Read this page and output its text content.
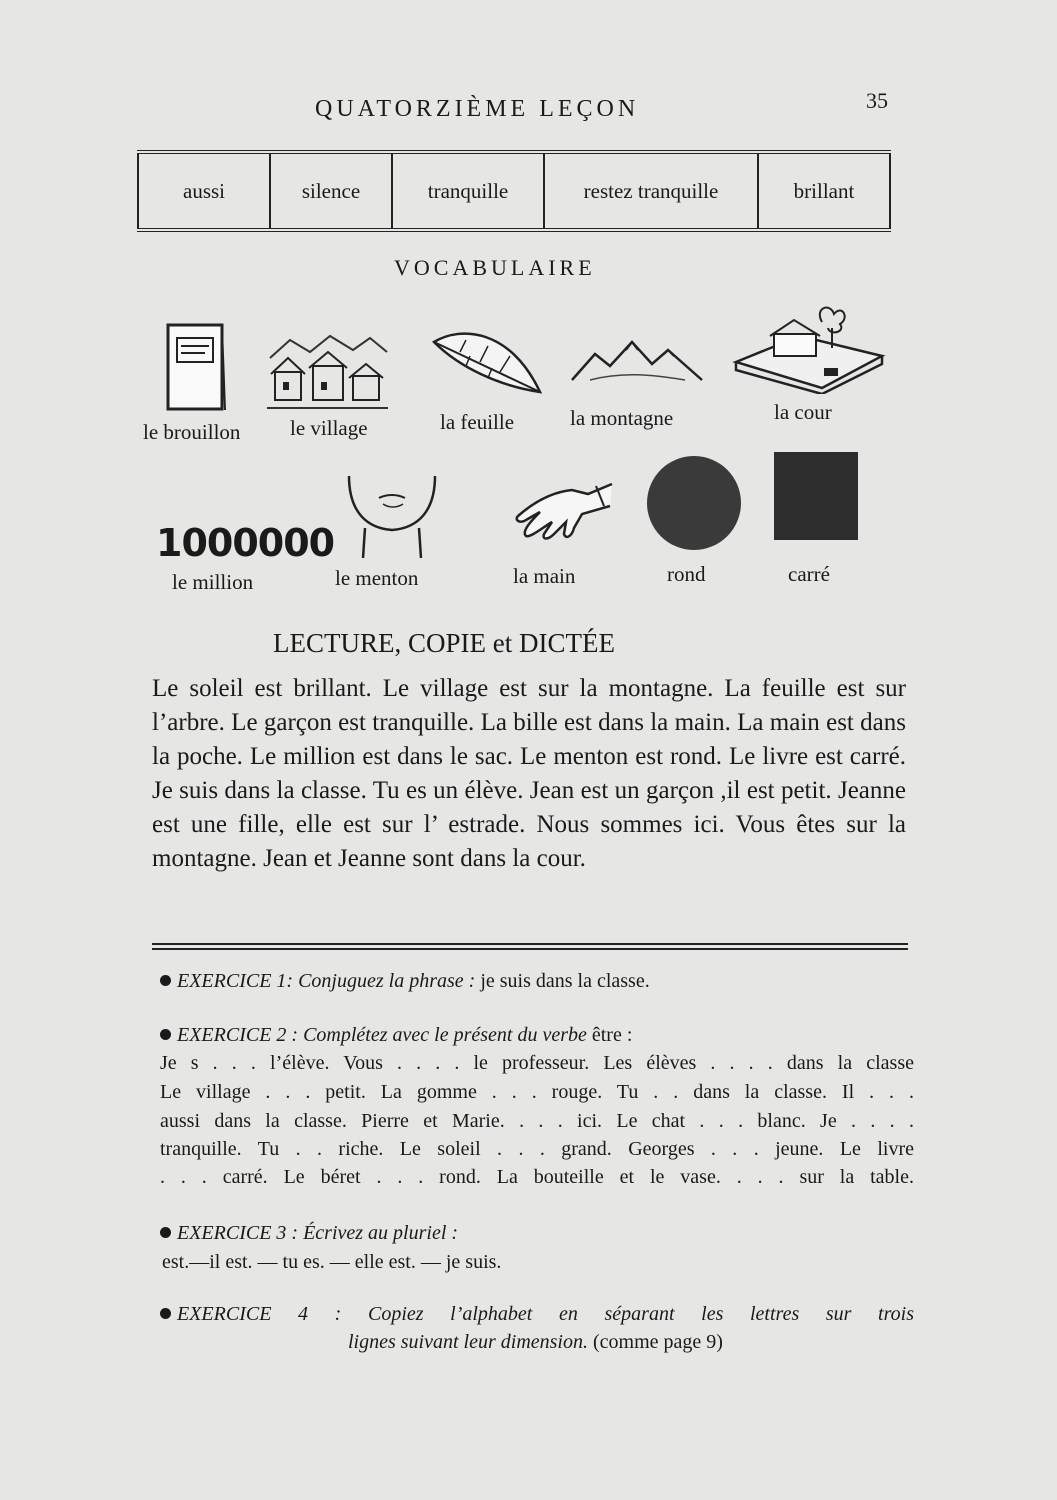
QUATORZIÈME LEÇON	35
aussi	silence	tranquille	restez tranquille	brillant
VOCABULAIRE
le brouillon le village	la feuille	la montagne	la cour
1000000
le million	le menton	la main	rond	carré
LECTURE, COPIE et DICTÉE
Le soleil est brillant. Le village est sur la montagne. La feuille est sur l’arbre. Le garçon est tranquille. La bille est dans la main. La main est dans la poche. Le million est dans le sac. Le menton est rond. Le livre est carré. Je suis dans la classe. Tu es un élève. Jean est un garçon ,il est petit. Jeanne est une fille, elle est sur l’ estrade. Nous sommes ici. Vous êtes sur la montagne. Jean et Jeanne sont dans la cour.
EXERCICE 1: Conjuguez la phrase : je suis dans la classe.
EXERCICE 2 : Complétez avec le présent du verbe être :
Je s . . . l’élève. Vous . . . . le professeur. Les élèves . . . . dans la classe
Le village . . . petit. La gomme . . . rouge. Tu . . dans la classe. Il . . .
aussi dans la classe. Pierre et Marie. . . . ici. Le chat . . . blanc. Je . . . .
tranquille. Tu . . riche. Le soleil . . . grand. Georges . . . jeune. Le livre
. . . carré. Le béret . . . rond. La bouteille et le vase. . . . sur la table.
EXERCICE 3 : Écrivez au pluriel :
est.—il est. — tu es. — elle est. — je suis.
EXERCICE 4 : Copiez l’alphabet en séparant les lettres sur trois
lignes suivant leur dimension. (comme page 9)
